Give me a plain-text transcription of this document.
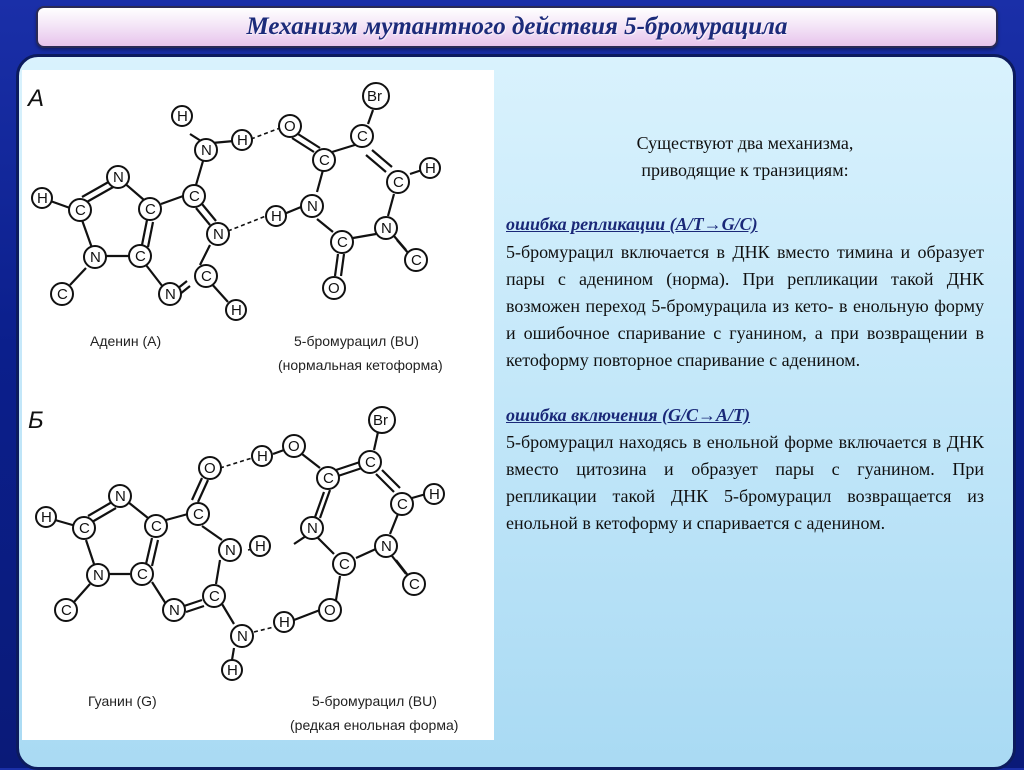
Механизм мутантного действия 5-бромурацила
А
H
C
N
C
N C
C
C
N
C
N
H
N
H
H
O
C
C
Br
C
H
N
H
N
C
O
C
Аденин (А)	5-бромурацил (BU)
(нормальная кетоформа)
Б
H
C
N
C
N C
C
C
O
N
C
N
N
H
H
H
H
O
C
C
Br
C
H
N
N
C
O
C
Гуанин (G)	5-бромурацил (BU)
(редкая енольная форма)

Существуют два механизма,
приводящие к транзициям:

ошибка репликации (A/T→G/C)

5-бромурацил включается в ДНК вместо тимина и образует пары с аденином (норма). При репликации такой ДНК возможен переход 5-бромурацила из кето- в енольную форму и ошибочное спаривание с гуанином, а при возвращении в кетоформу повторное спаривание с аденином.

ошибка включения (G/C→A/T)

5-бромурацил находясь в енольной форме включается в ДНК вместо цитозина и образует пары с гуанином. При репликации такой ДНК 5-бромурацил возвращается из енольной в кетоформу и спаривается с аденином.
